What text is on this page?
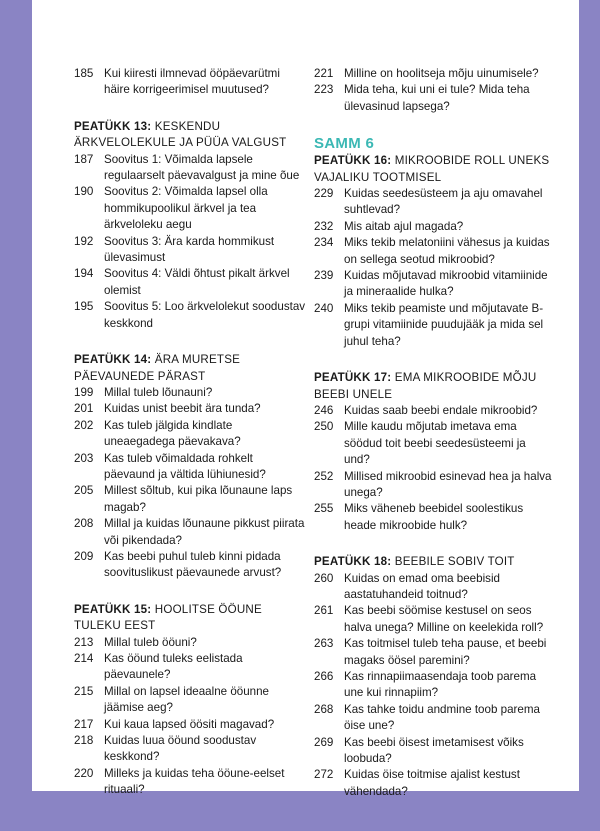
185 Kui kiiresti ilmnevad ööpäevarütmi häire korrigeerimisel muutused?
PEATÜKK 13: KESKENDU ÄRKVELOLEKULE JA PÜÜA VALGUST
187 Soovitus 1: Võimalda lapsele regulaarselt päevavalgust ja mine õue
190 Soovitus 2: Võimalda lapsel olla hommikupoolikul ärkvel ja tea ärkveloleku aegu
192 Soovitus 3: Ära karda hommikust ülevasimust
194 Soovitus 4: Väldi õhtust pikalt ärkvel olemist
195 Soovitus 5: Loo ärkvelolekut soodustav keskkond
PEATÜKK 14: ÄRA MURETSE PÄEVAUNEDE PÄRAST
199 Millal tuleb lõunauni?
201 Kuidas unist beebit ära tunda?
202 Kas tuleb jälgida kindlate uneaegadega päevakava?
203 Kas tuleb võimaldada rohkelt päevaund ja vältida lühiunesid?
205 Millest sõltub, kui pika lõunaune laps magab?
208 Millal ja kuidas lõunaune pikkust piirata või pikendada?
209 Kas beebi puhul tuleb kinni pidada soovituslikust päevaunede arvust?
PEATÜKK 15: HOOLITSE ÖÖUNE TULEKU EEST
213 Millal tuleb ööuni?
214 Kas ööund tuleks eelistada päevaunele?
215 Millal on lapsel ideaalne ööunne jäämise aeg?
217 Kui kaua lapsed öösiti magavad?
218 Kuidas luua ööund soodustav keskkond?
220 Milleks ja kuidas teha ööune-eelset rituaali?
221 Milline on hoolitseja mõju uinumisele?
223 Mida teha, kui uni ei tule? Mida teha ülevasinud lapsega?
SAMM 6
PEATÜKK 16: MIKROOBIDE ROLL UNEKS VAJALIKU TOOTMISEL
229 Kuidas seedesüsteem ja aju omavahel suhtlevad?
232 Mis aitab ajul magada?
234 Miks tekib melatoniini vähesus ja kuidas on sellega seotud mikroobid?
239 Kuidas mõjutavad mikroobid vitamiinide ja mineraalide hulka?
240 Miks tekib peamiste und mõjutavate B-grupi vitamiinide puudujääk ja mida sel juhul teha?
PEATÜKK 17: EMA MIKROOBIDE MÕJU BEEBI UNELE
246 Kuidas saab beebi endale mikroobid?
250 Mille kaudu mõjutab imetava ema söödud toit beebi seedesüsteemi ja und?
252 Millised mikroobid esinevad hea ja halva unega?
255 Miks väheneb beebidel soolestikus heade mikroobide hulk?
PEATÜKK 18: BEEBILE SOBIV TOIT
260 Kuidas on emad oma beebisid aastatuhandeid toitnud?
261 Kas beebi söömise kestusel on seos halva unega? Milline on keelekida roll?
263 Kas toitmisel tuleb teha pause, et beebi magaks öösel paremini?
266 Kas rinnapiimaasendaja toob parema une kui rinnapiim?
268 Kas tahke toidu andmine toob parema öise une?
269 Kas beebi öisest imetamisest võiks loobuda?
272 Kuidas öise toitmise ajalist kestust vähendada?
